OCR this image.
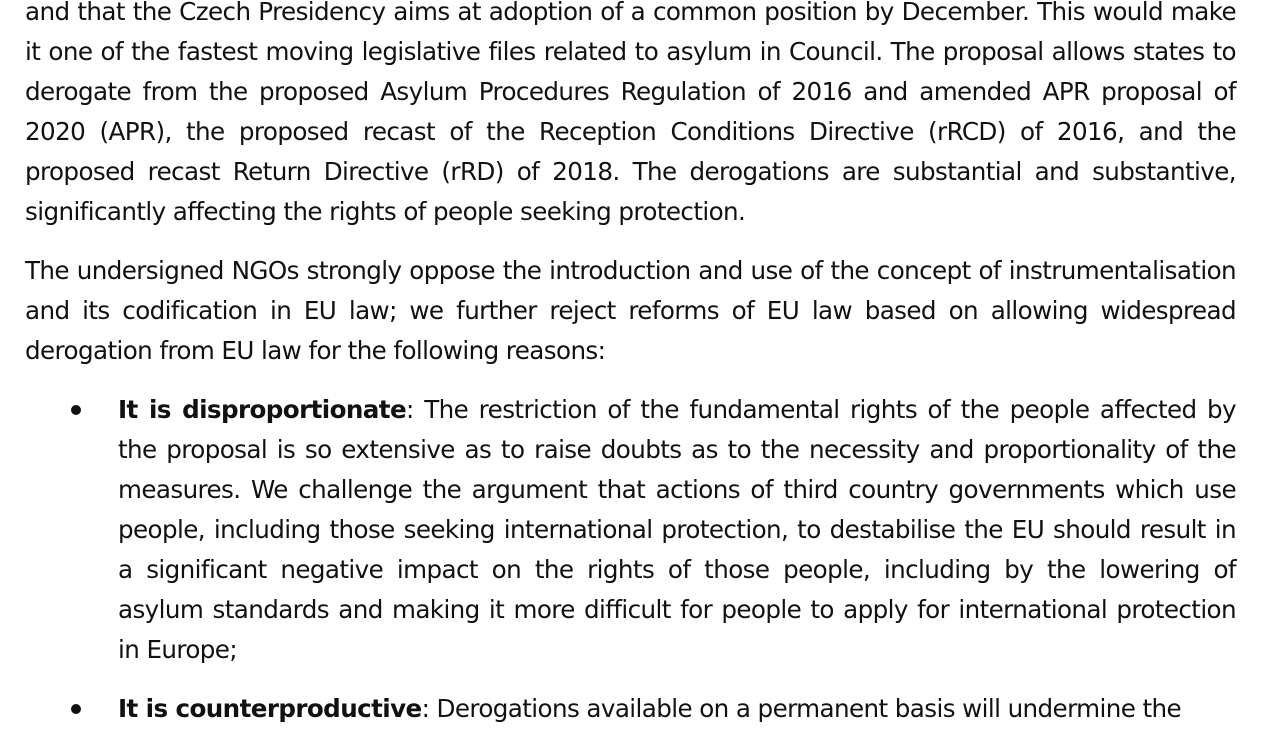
and that the Czech Presidency aims at adoption of a common position by December. This would make it one of the fastest moving legislative files related to asylum in Council. The proposal allows states to derogate from the proposed Asylum Procedures Regulation of 2016 and amended APR proposal of 2020 (APR), the proposed recast of the Reception Conditions Directive (rRCD) of 2016, and the proposed recast Return Directive (rRD) of 2018. The derogations are substantial and substantive, significantly affecting the rights of people seeking protection.

The undersigned NGOs strongly oppose the introduction and use of the concept of instrumentalisation and its codification in EU law; we further reject reforms of EU law based on allowing widespread derogation from EU law for the following reasons:

It is disproportionate: The restriction of the fundamental rights of the people affected by the proposal is so extensive as to raise doubts as to the necessity and proportionality of the measures. We challenge the argument that actions of third country governments which use people, including those seeking international protection, to destabilise the EU should result in a significant negative impact on the rights of those people, including by the lowering of asylum standards and making it more difficult for people to apply for international protection in Europe;
It is counterproductive: Derogations available on a permanent basis will undermine the
